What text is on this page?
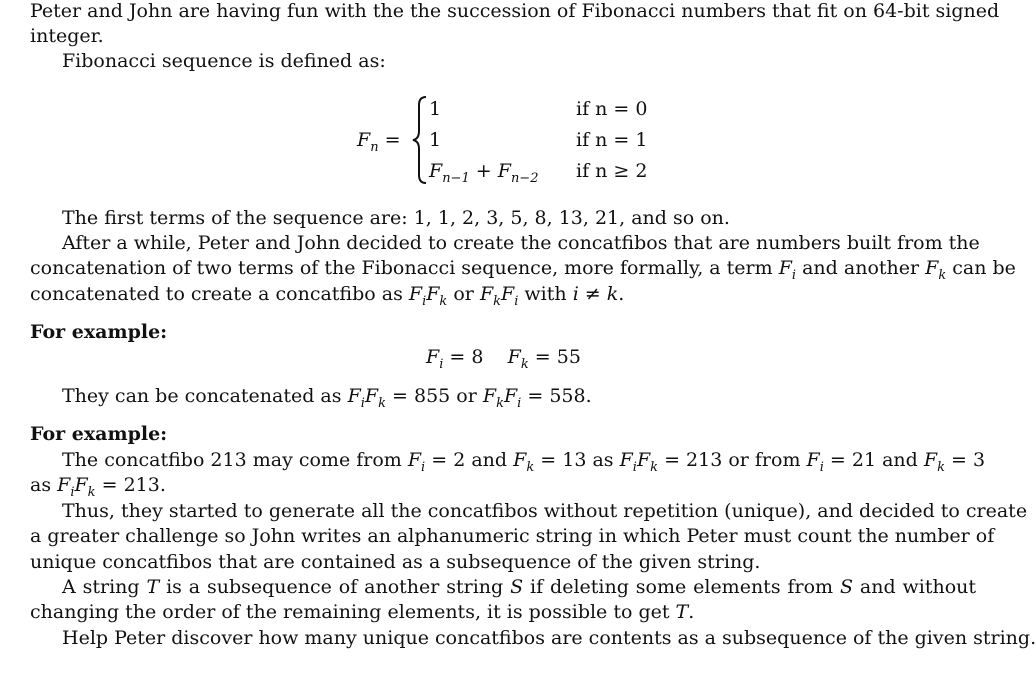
Peter and John are having fun with the the succession of Fibonacci numbers that fit on 64-bit signed
integer.
Fibonacci sequence is defined as:
$F_n$ =
1	if n = 0
1	if n = 1
$F_{n-1} + F_{n-2}$ if n ≥ 2
The first terms of the sequence are: 1, 1, 2, 3, 5, 8, 13, 21, and so on.
After a while, Peter and John decided to create the concatfibos that are numbers built from the
concatenation of two terms of the Fibonacci sequence, more formally, a term $F_i$ and another $F_k$ can be
concatenated to create a concatfibo as $F_iF_k$ or $F_kF_i$ with i ≠ k.
For example:
$F_i = 8$ $F_k = 55$
They can be concatenated as $F_iF_k = 855$ or $F_kF_i = 558$.
For example:
The concatfibo 213 may come from $F_i = 2$ and $F_k = 13$ as $F_iF_k = 213$ or from $F_i = 21$ and $F_k = 3$
as $F_iF_k = 213$.
Thus, they started to generate all the concatfibos without repetition (unique), and decided to create
a greater challenge so John writes an alphanumeric string in which Peter must count the number of
unique concatfibos that are contained as a subsequence of the given string.
A string T is a subsequence of another string S if deleting some elements from S and without
changing the order of the remaining elements, it is possible to get T.
Help Peter discover how many unique concatfibos are contents as a subsequence of the given string.
